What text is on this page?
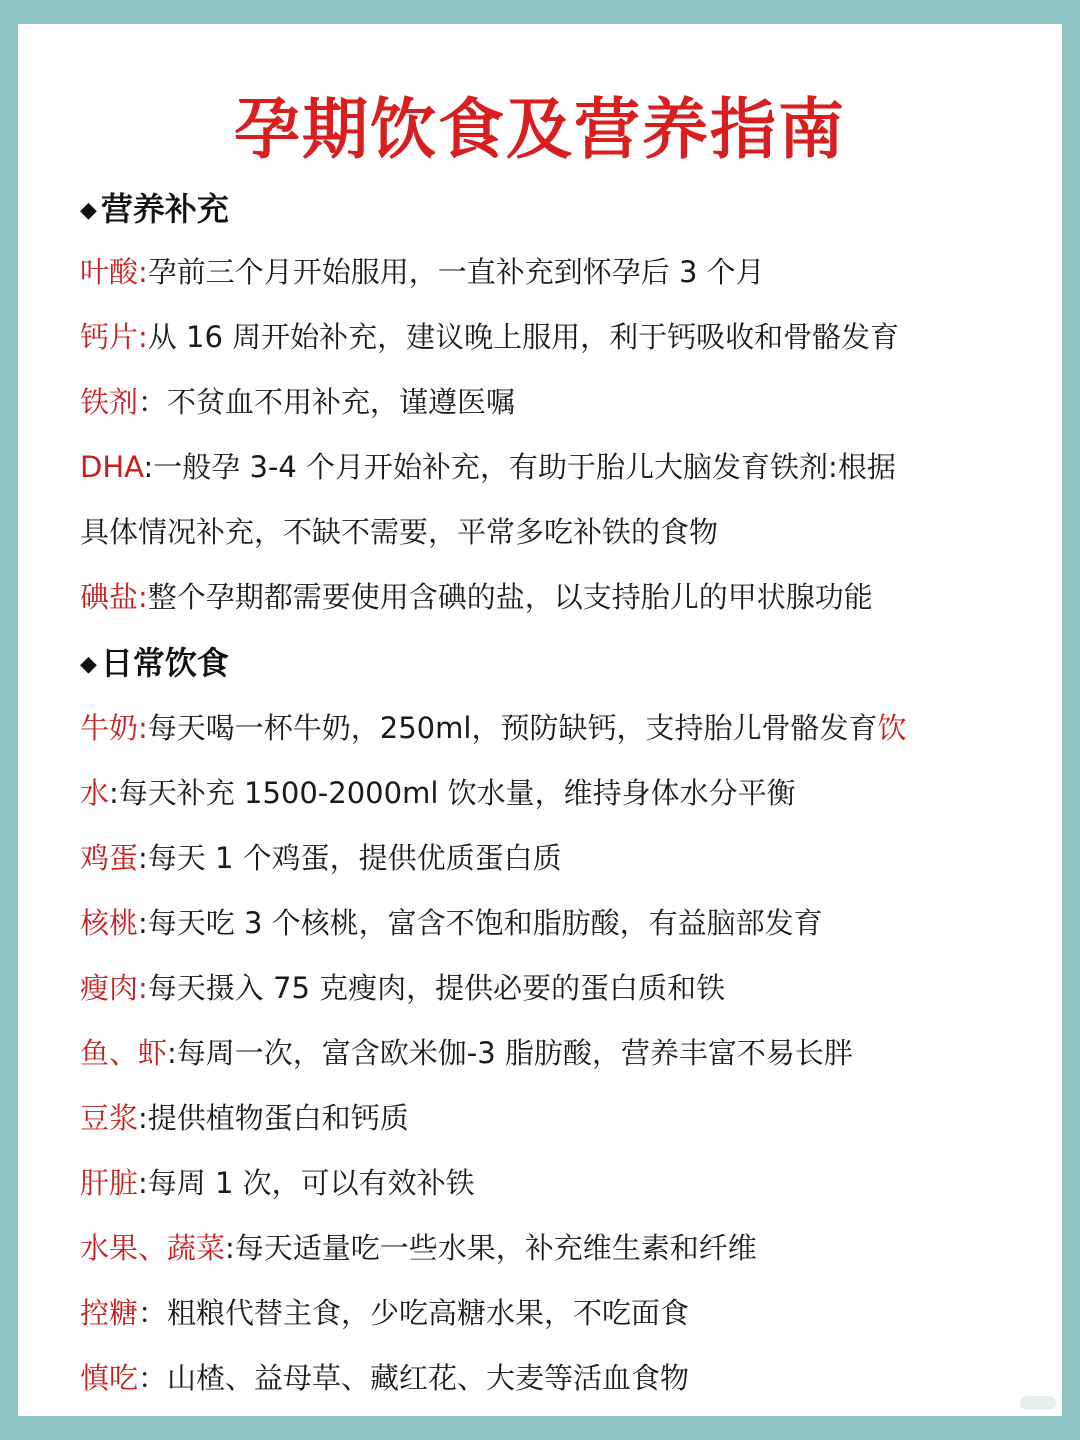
孕期饮食及营养指南
◆ 营养补充
叶酸:孕前三个月开始服用，一直补充到怀孕后 3 个月
钙片:从 16 周开始补充，建议晚上服用，利于钙吸收和骨骼发育
铁剂：不贫血不用补充，谨遵医嘱
DHA:一般孕 3-4 个月开始补充，有助于胎儿大脑发育铁剂:根据
具体情况补充，不缺不需要，平常多吃补铁的食物
碘盐:整个孕期都需要使用含碘的盐，以支持胎儿的甲状腺功能
◆ 日常饮食
牛奶:每天喝一杯牛奶，250ml，预防缺钙，支持胎儿骨骼发育饮
水:每天补充 1500-2000ml 饮水量，维持身体水分平衡
鸡蛋:每天 1 个鸡蛋，提供优质蛋白质
核桃:每天吃 3 个核桃，富含不饱和脂肪酸，有益脑部发育
瘦肉:每天摄入 75 克瘦肉，提供必要的蛋白质和铁
鱼、虾:每周一次，富含欧米伽-3 脂肪酸，营养丰富不易长胖
豆浆:提供植物蛋白和钙质
肝脏:每周 1 次，可以有效补铁
水果、蔬菜:每天适量吃一些水果，补充维生素和纤维
控糖：粗粮代替主食，少吃高糖水果，不吃面食
慎吃：山楂、益母草、藏红花、大麦等活血食物
